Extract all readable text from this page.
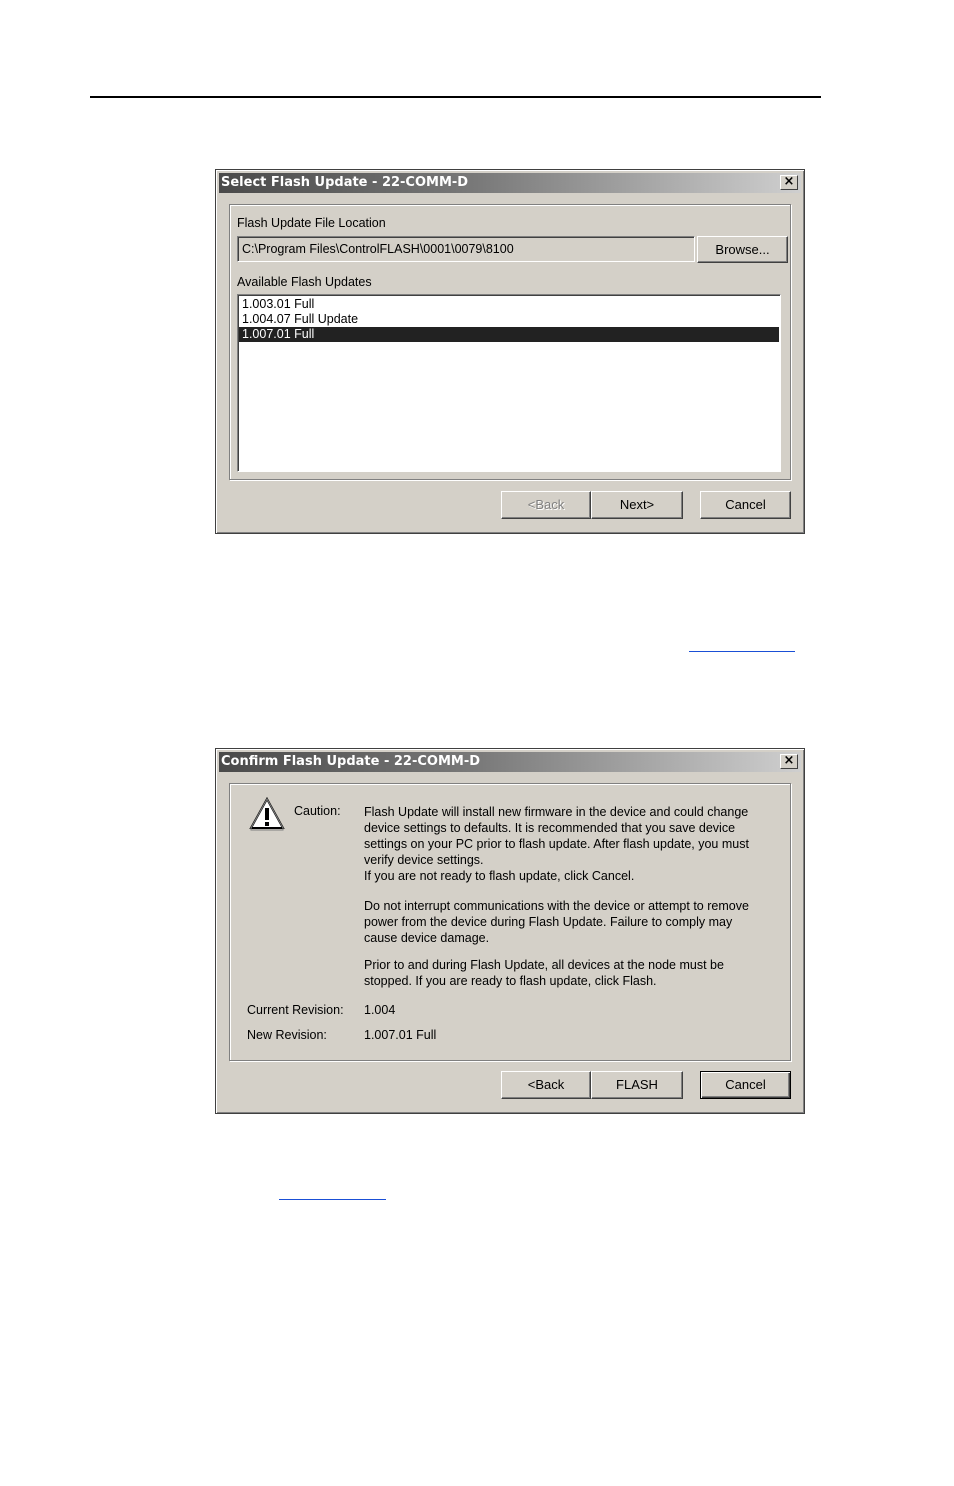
Select Flash Update - 22-COMM-D	×
Flash Update File Location
C:\Program Files\ControlFLASH\0001\0079\8100	Browse...
Available Flash Updates
1.003.01 Full
1.004.07 Full Update
1.007.01 Full
<Back	Next>	Cancel
Confirm Flash Update - 22-COMM-D	×
Caution: Flash Update will install new firmware in the device and could change
device settings to defaults. It is recommended that you save device
settings on your PC prior to flash update. After flash update, you must
verify device settings.
If you are not ready to flash update, click Cancel.
Do not interrupt communications with the device or attempt to remove
power from the device during Flash Update. Failure to comply may
cause device damage.
Prior to and during Flash Update, all devices at the node must be
stopped. If you are ready to flash update, click Flash.
Current Revision: 1.004
New Revision:	1.007.01 Full
<Back	FLASH	Cancel
